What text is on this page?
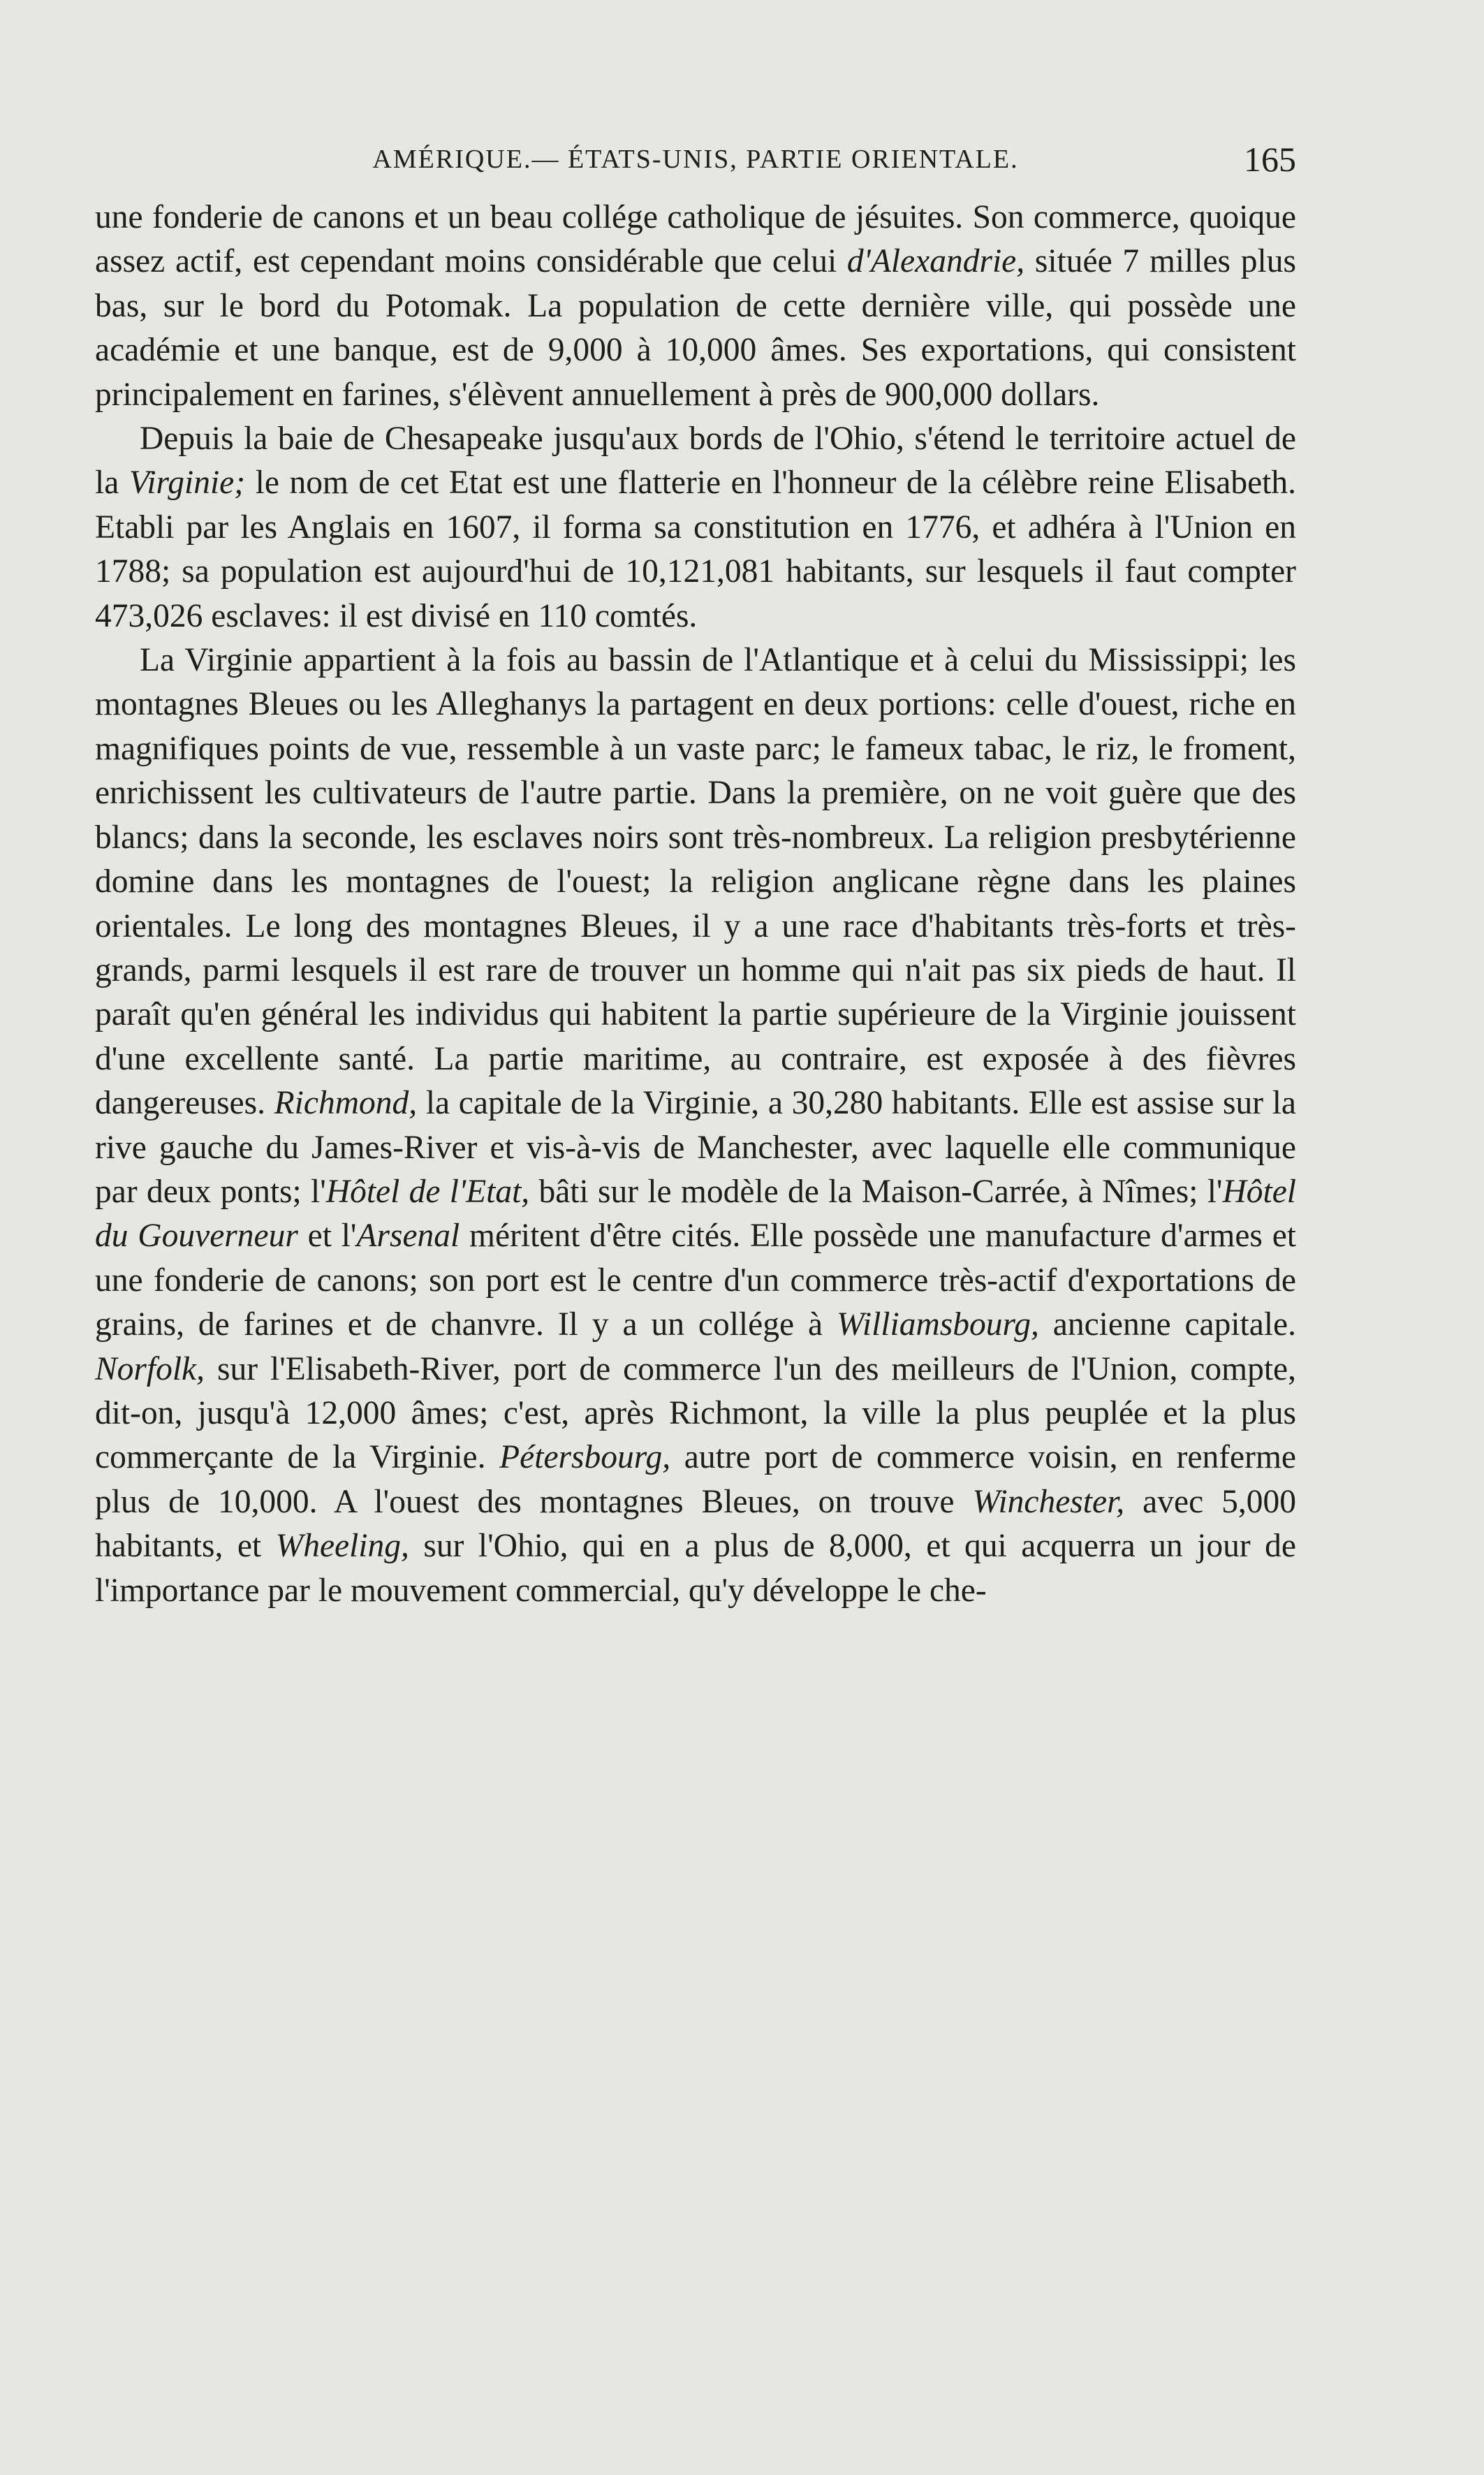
AMÉRIQUE.— ÉTATS-UNIS, PARTIE ORIENTALE.	165

une fonderie de canons et un beau collége catholique de jésuites. Son commerce, quoique assez actif, est cependant moins considérable que celui d'Alexandrie, située 7 milles plus bas, sur le bord du Potomak. La population de cette dernière ville, qui possède une académie et une banque, est de 9,000 à 10,000 âmes. Ses exportations, qui consistent principalement en farines, s'élèvent annuellement à près de 900,000 dollars.

Depuis la baie de Chesapeake jusqu'aux bords de l'Ohio, s'étend le territoire actuel de la Virginie; le nom de cet Etat est une flatterie en l'honneur de la célèbre reine Elisabeth. Etabli par les Anglais en 1607, il forma sa constitution en 1776, et adhéra à l'Union en 1788; sa population est aujourd'hui de 10,121,081 habitants, sur lesquels il faut compter 473,026 esclaves: il est divisé en 110 comtés.

La Virginie appartient à la fois au bassin de l'Atlantique et à celui du Mississippi; les montagnes Bleues ou les Alleghanys la partagent en deux portions: celle d'ouest, riche en magnifiques points de vue, ressemble à un vaste parc; le fameux tabac, le riz, le froment, enrichissent les cultivateurs de l'autre partie. Dans la première, on ne voit guère que des blancs; dans la seconde, les esclaves noirs sont très-nombreux. La religion presbytérienne domine dans les montagnes de l'ouest; la religion anglicane règne dans les plaines orientales. Le long des montagnes Bleues, il y a une race d'habitants très-forts et très-grands, parmi lesquels il est rare de trouver un homme qui n'ait pas six pieds de haut. Il paraît qu'en général les individus qui habitent la partie supérieure de la Virginie jouissent d'une excellente santé. La partie maritime, au contraire, est exposée à des fièvres dangereuses. Richmond, la capitale de la Virginie, a 30,280 habitants. Elle est assise sur la rive gauche du James-River et vis-à-vis de Manchester, avec laquelle elle communique par deux ponts; l'Hôtel de l'Etat, bâti sur le modèle de la Maison-Carrée, à Nîmes; l'Hôtel du Gouverneur et l'Arsenal méritent d'être cités. Elle possède une manufacture d'armes et une fonderie de canons; son port est le centre d'un commerce très-actif d'exportations de grains, de farines et de chanvre. Il y a un collége à Williamsbourg, ancienne capitale. Norfolk, sur l'Elisabeth-River, port de commerce l'un des meilleurs de l'Union, compte, dit-on, jusqu'à 12,000 âmes; c'est, après Richmont, la ville la plus peuplée et la plus commerçante de la Virginie. Pétersbourg, autre port de commerce voisin, en renferme plus de 10,000. A l'ouest des montagnes Bleues, on trouve Winchester, avec 5,000 habitants, et Wheeling, sur l'Ohio, qui en a plus de 8,000, et qui acquerra un jour de l'importance par le mouvement commercial, qu'y développe le che-
